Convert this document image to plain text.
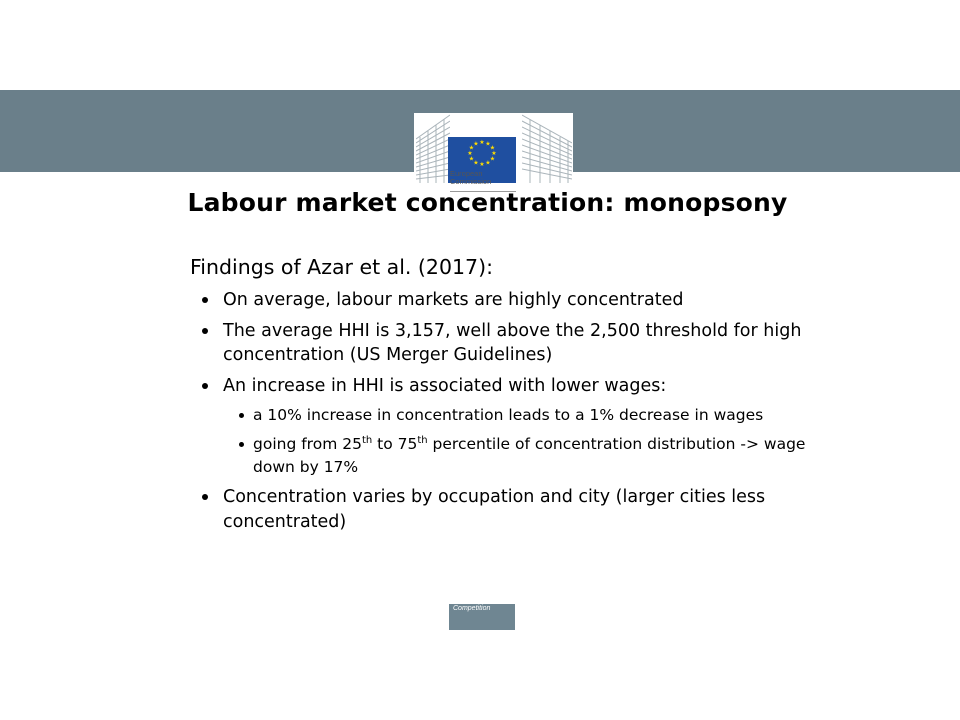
★ ★
★
★
★
★
★
★
★
★
★
★
European
Commission
Labour market concentration: monopsony
Findings of Azar et al. (2017):
On average, labour markets are highly concentrated
The average HHI is 3,157, well above the 2,500 threshold for high concentration (US Merger Guidelines)
An increase in HHI is associated with lower wages:
a 10% increase in concentration leads to a 1% decrease in wages
going from 25th to 75th percentile of concentration distribution -> wage down by 17%
Concentration varies by occupation and city (larger cities less concentrated)
Competition
